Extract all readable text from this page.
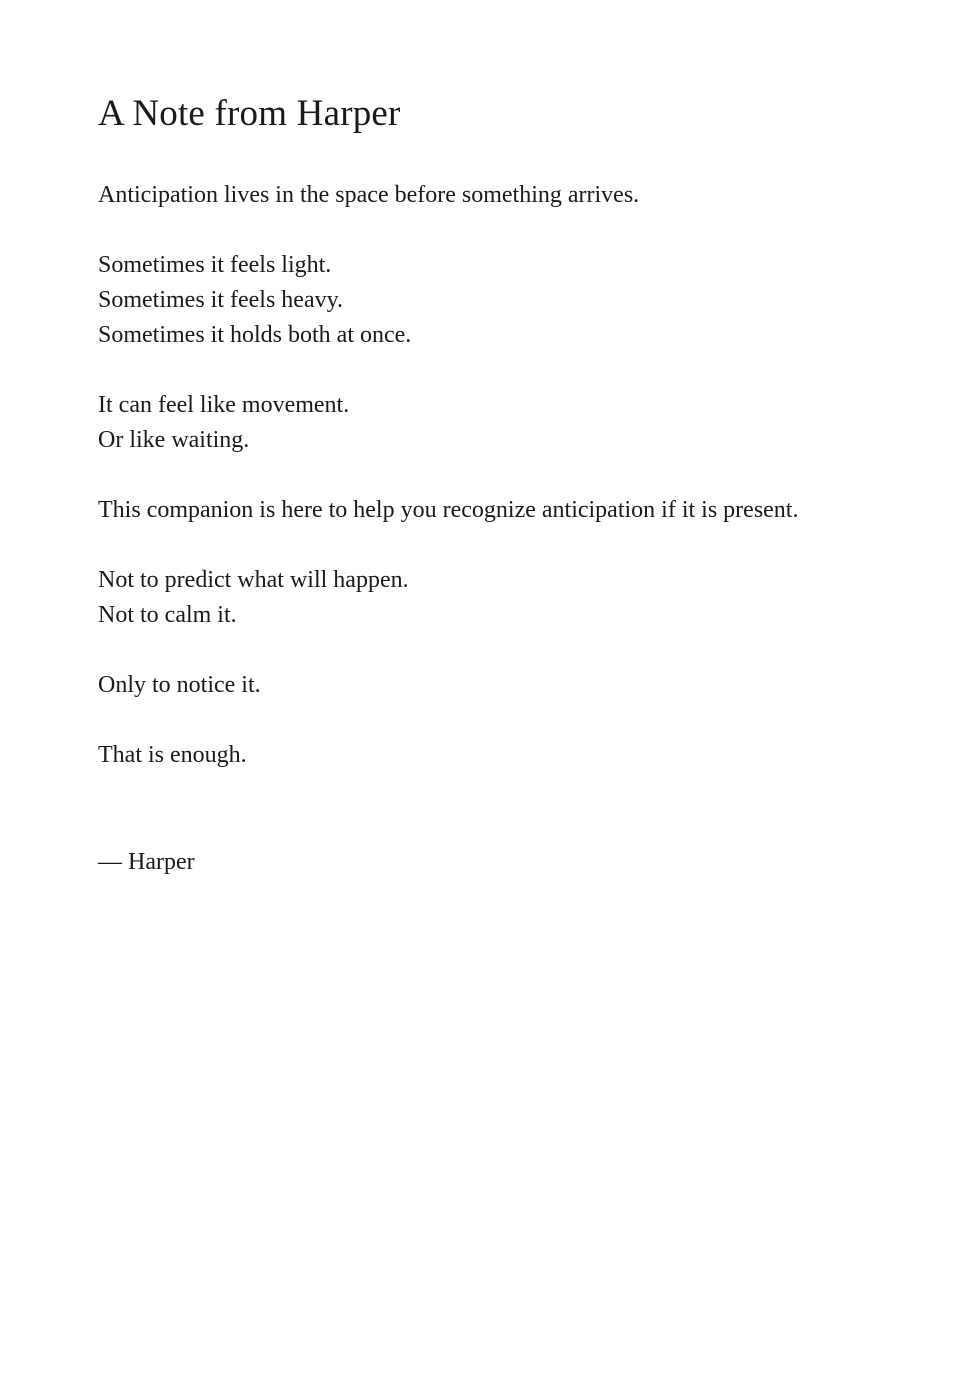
A Note from Harper

Anticipation lives in the space before something arrives.

Sometimes it feels light.
Sometimes it feels heavy.
Sometimes it holds both at once.

It can feel like movement.
Or like waiting.

This companion is here to help you recognize anticipation if it is present.

Not to predict what will happen.
Not to calm it.

Only to notice it.

That is enough.

— Harper
